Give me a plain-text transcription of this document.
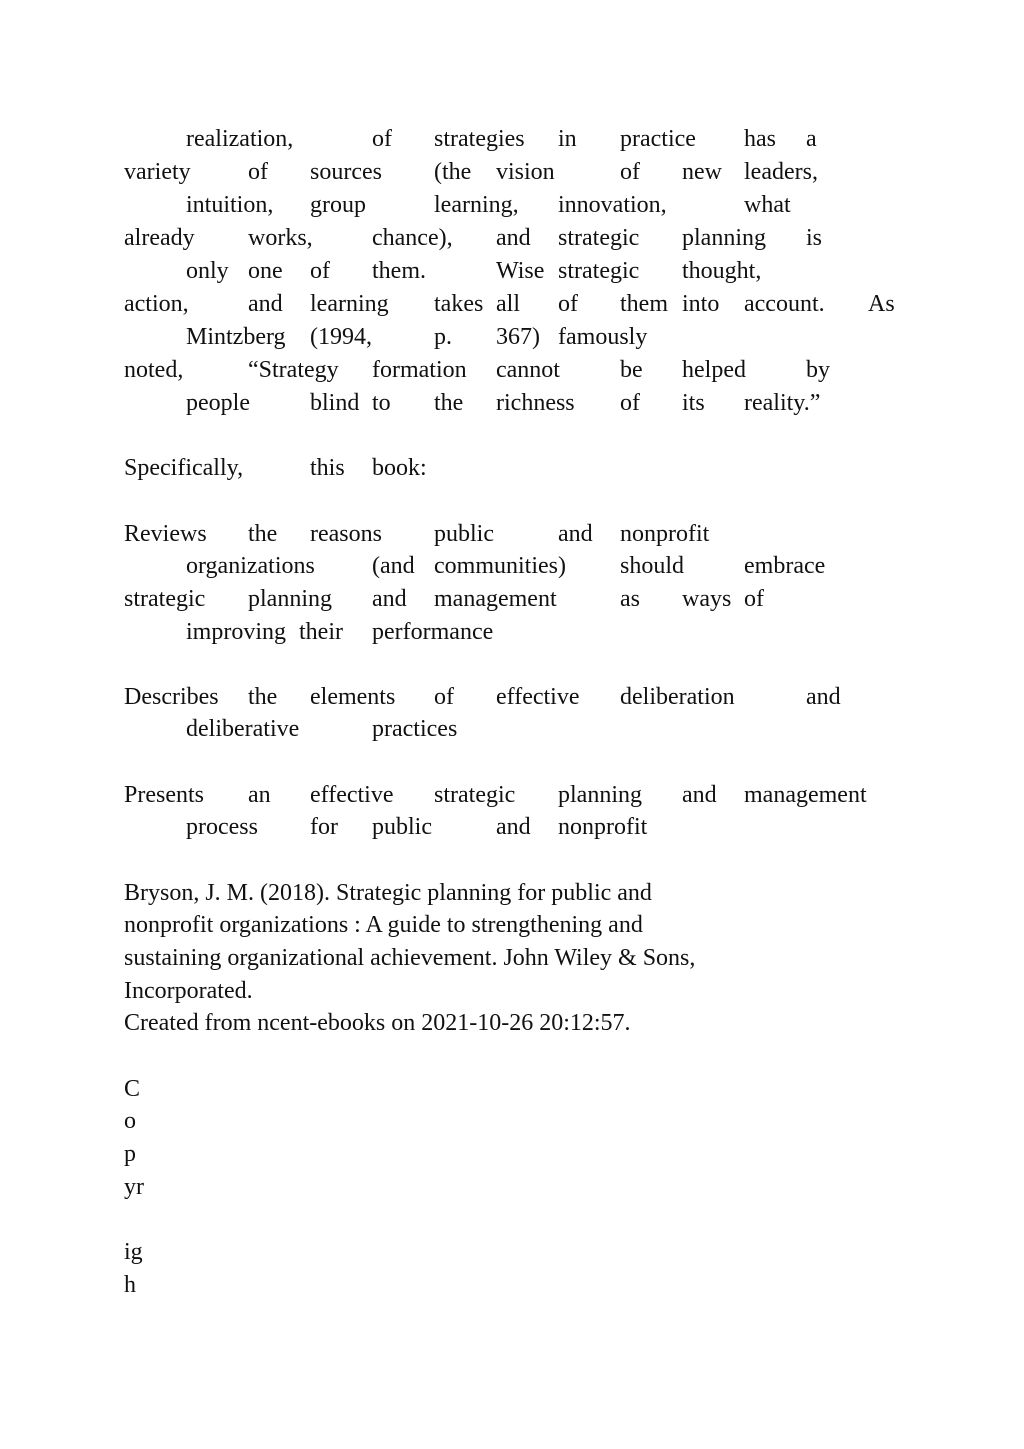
realization,

	of

strategies

in

practice

has

a

variety

of

sources

(the

vision

	of

new

leaders,

intuition,

group

	learning,

innovation,

	what

already

works,

chance),

and

strategic

planning

is

only

one

of

them.

	Wise

strategic

thought,

action,

and

learning

takes

all

of

them

into

account.

As

Mintzberg

(1994,

	p.

367)

famously

noted,

	“Strategy

formation

cannot

	be

helped

	by

people

	blind

to

the

richness

of

its

reality.”

Specifically,

	this

book:

Reviews

the

reasons

public

	and

nonprofit

organizations

(and

communities)

should

embrace

strategic

planning

and

management

	as

ways

of

improving

their

performance

Describes

the

elements

of

effective

deliberation

	and

deliberative

	practices

Presents

an

effective

strategic

planning

and

management

process

for

public

	and

nonprofit

Bryson, J. M. (2018). Strategic planning for public and
nonprofit organizations : A guide to strengthening and
sustaining organizational achievement. John Wiley & Sons,
Incorporated.
Created from ncent-ebooks on 2021-10-26 20:12:57.
C
o
p
yr
ig
h
